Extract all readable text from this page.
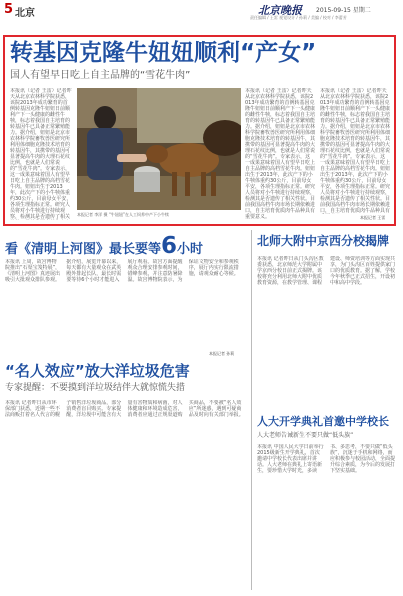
5 北京	北京晚报 2015-09-15 星期二
责任编辑 / 王雷 视觉设计 / 孙莉 / 美编 / 校对 / 李蕾芳
转基因克隆牛妞妞顺利“产女”
国人有望早日吃上自主品牌的“雪花牛肉”
本报讯（记者 王雷）记者昨天从北京农林科学院获悉，该院2013年成功繁育的首例转基因克隆牛妞妞日前顺利产下一头健康的雌性牛犊，标志着我国自主培育的转基因牛已具备正常繁殖能力。据介绍，妞妞是北京市农林科学院畜牧兽医研究所利用体细胞克隆技术培育的转基因牛，其携带的基因可显著提高牛肉的大理石花纹比例，也就是人们常说的“雪花牛肉”。专家表示，这一成果意味着国人有望早日吃上自主品牌的高档雪花牛肉。妞妞出生于2013年，此次产下的小牛犊体重约30公斤，目前母女平安，各项生理指标正常。研究人员将对小牛犊进行持续观察，检测其是否遗传了相关	本报记者 李洋 摄 “牛妞妞”在人工饲养中产下小牛犊
本报讯（记者 王雷）记者昨天从北京农林科学院获悉，该院2013年成功繁育的首例转基因克隆牛妞妞日前顺利产下一头健康的雌性牛犊，标志着我国自主培育的转基因牛已具备正常繁殖能力。据介绍，妞妞是北京市农林科学院畜牧兽医研究所利用体细胞克隆技术培育的转基因牛，其携带的基因可显著提高牛肉的大理石花纹比例，也就是人们常说的“雪花牛肉”。专家表示，这一成果意味着国人有望早日吃上自主品牌的高档雪花牛肉。妞妞出生于2013年，此次产下的小牛犊体重约30公斤，目前母女平安，各项生理指标正常。研究人员将对小牛犊进行持续观察，检测其是否遗传了相关性状。目前我国高档牛肉市场长期依赖进口，自主培育优质肉牛品种具有重要意义。
本报讯（记者 王雷）记者昨天从北京农林科学院获悉，该院2013年成功繁育的首例转基因克隆牛妞妞日前顺利产下一头健康的雌性牛犊，标志着我国自主培育的转基因牛已具备正常繁殖能力。据介绍，妞妞是北京市农林科学院畜牧兽医研究所利用体细胞克隆技术培育的转基因牛，其携带的基因可显著提高牛肉的大理石花纹比例，也就是人们常说的“雪花牛肉”。专家表示，这一成果意味着国人有望早日吃上自主品牌的高档雪花牛肉。妞妞出生于2013年，此次产下的小牛犊体重约30公斤，目前母女平安，各项生理指标正常。研究人员将对小牛犊进行持续观察，检测其是否遗传了相关性状。目前我国高档牛肉市场长期依赖进口，自主培育优质肉牛品种具有
本报记者 王雷
看《清明上河图》最长要等6小时
本报讯 上周，故宫博物院推出“石渠宝笈特展”，《清明上河图》真迹展出吸引大批观众排队参观。据介绍，展览开幕以来，每天都有大量观众在武英殿外排起长队，最长时需要等待6个小时才能进入展厅观看。故宫方面提醒观众合理安排参观时间，错峰参观，并注意防暑降温。故宫博物院表示，为保证文物安全和参观秩序，展厅内实行限流措施，请观众耐心等候。
本报记者 孙莉
北师大附中京西分校揭牌
本报讯 记者昨日从门头沟区教委获悉，北京师范大学附属中学京西分校日前正式揭牌。该校将充分利用北师大附中优质教育资源，在教学管理、课程建设、师资培训等方面实现共享，为门头沟区百姓提供家门口的优质教育。据了解，学校今年秋季已正式招生，开设初中和高中学段。
“名人效应”放大洋垃圾危害
专家提醒：不要摸到洋垃圾结伴大就惊慌失措
本报讯 记者昨日从市环保部门获悉，近期一些不法商贩打着名人代言的幌子销售洋垃圾商品，部分消费者盲目购买。专家提醒，洋垃圾中可能含有大量有害物质和病菌，对人体健康和环境造成危害，消费者应通过正规渠道购买商品，不要被“名人效应”所迷惑，遇到可疑商品及时向有关部门举报。 人大开学典礼首邀中学校长
人大老师告诫新生不要只做“低头族”
本报讯 中国人民大学日前举行2015级新生开学典礼，首次邀请中学校长代表出席并讲话。人大老师在典礼上寄语新生，要珍惜大学时光，多读书、多思考，不要只做“低头族”，沉迷于手机和网络，而应积极参与校园活动，全面提升综合素质，为今后的发展打下坚实基础。
